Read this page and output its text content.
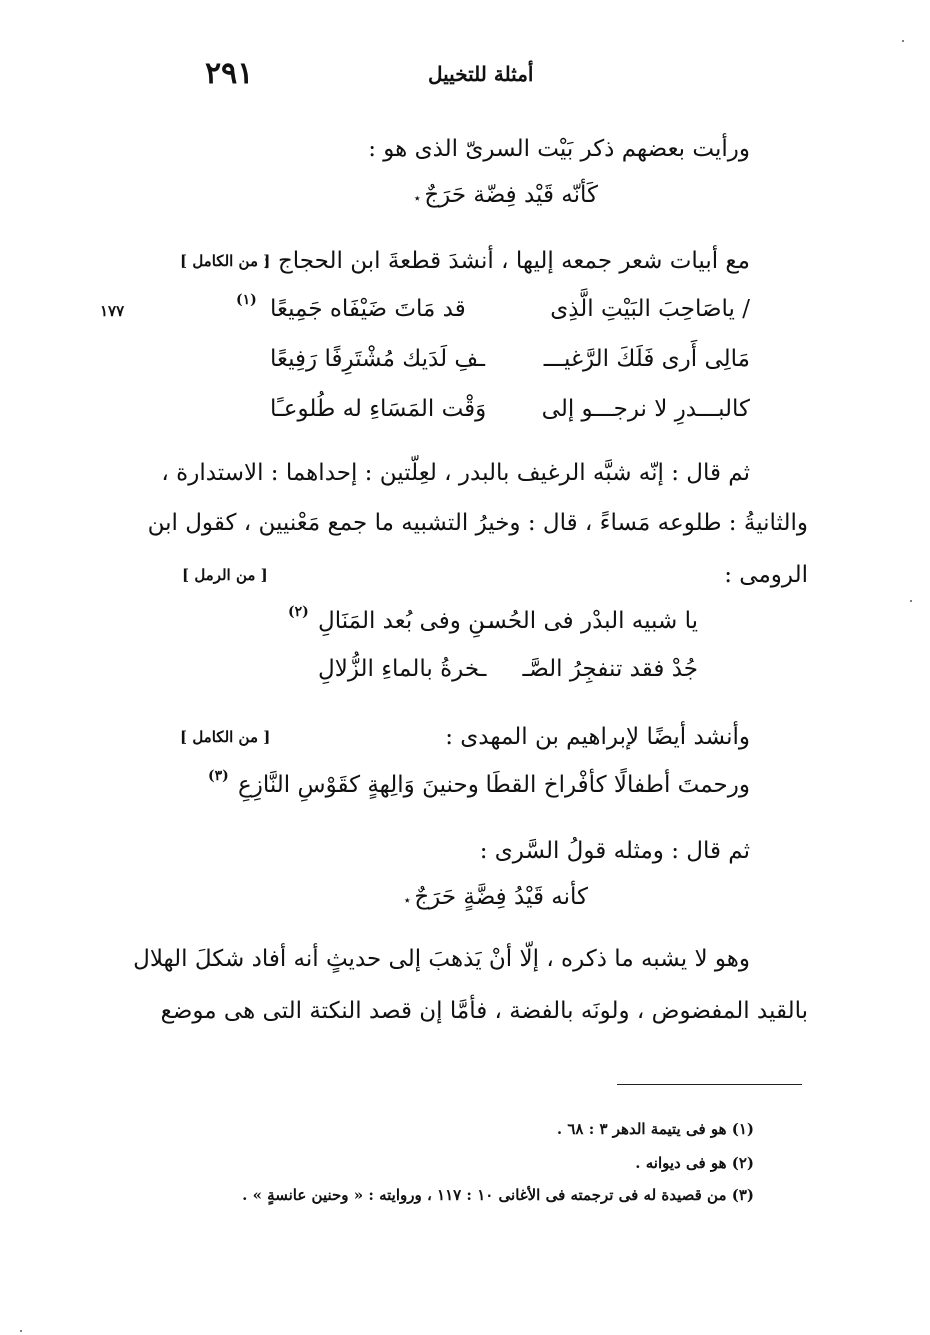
٢٩١	أمثلة للتخييل
ورأيت بعضهم ذكر بَيْت السرىّ الذى هو :
كَأنّه قَيْد فِضّة حَرَجٌ ٭
مع أبيات شعر جمعه إليها ، أنشدَ قطعةَ ابن الحجاج :
[ من الكامل ]
١٧٧	/ ياصَاحِبَ البَيْتِ الَّذِى
قد مَاتَ ضَيْفَاه جَمِيعًا
(١)
مَالِى أَرى فَلَكَ الرَّغيـــ
ـفِ لَدَيك مُشْتَرِفًا رَفِيعًا
كالبـــدرِ لا نرجـــو إلى
وَقْت المَسَاءِ له طُلوعـًا
ثم قال : إنّه شبَّه الرغيف بالبدر ، لعِلّتين : إحداهما : الاستدارة ،
والثانيةُ : طلوعه مَساءً ، قال : وخيرُ التشبيه ما جمع مَعْنيين ، كقول ابن
الرومى :
[ من الرمل ]
يا شبيه البدْر فى الحُسـ
ـنِ وفى بُعد المَنَالِ
(٢)
جُدْ فقد تنفجِرُ الصَّـ
ـخرةُ بالماءِ الزُّلالِ
وأنشد أيضًا لإبراهيم بن المهدى :
[ من الكامل ]
ورحمتَ أطفالًا كأفْراخ القطَا
وحنينَ وَالِهةٍ كقَوْسِ النَّازِعِ
(٣)
ثم قال : ومثله قولُ السَّرى :
كأنه قَيْدُ فِضَّةٍ حَرَجٌ ٭
وهو لا يشبه ما ذكره ، إلّا أنْ يَذهبَ إلى حديثٍ أنه أفاد شكلَ الهلال
بالقيد المفضوض ، ولونَه بالفضة ، فأمَّا إن قصد النكتة التى هى موضع
(١) هو فى يتيمة الدهر ٣ : ٦٨ .
(٢) هو فى ديوانه .
(٣) من قصيدة له فى ترجمته فى الأغانى ١٠ : ١١٧ ، وروايته : « وحنين عانسةٍ » .
